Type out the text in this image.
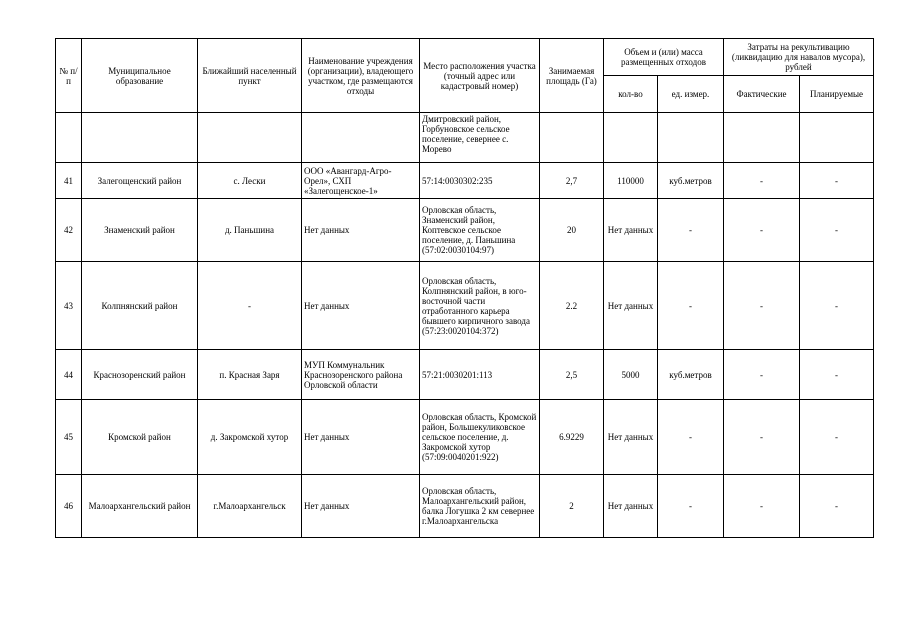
№ п/п	Муниципальное образование	Ближайший населенный пункт	Наименование учреждения (организации), владеющего участком, где размещаются отходы	Место расположения участка (точный адрес или кадастровый номер)	Занимаемая площадь (Га)	Объем и (или) масса размещенных отходов		Затраты на рекультивацию (ликвидацию для навалов мусора), рублей	
						кол-во	ед. измер.	Фактические	Планируемые
				Дмитровский район, Горбуновское сельское поселение, севернее с. Морево					
41	Залегощенский район	с. Лески	ООО «Авангард-Агро-Орел», СХП «Залегощенское-1»	57:14:0030302:235	2,7	110000	куб.метров	-	-
42	Знаменский район	д. Паньшина	Нет данных	Орловская область, Знаменский район, Коптевское сельское поселение, д. Паньшина (57:02:0030104:97)	20	Нет данных	-	-	-
43	Колпнянский район	-	Нет данных	Орловская область, Колпнянский район, в юго-восточной части отработанного карьера бывшего кирпичного завода (57:23:0020104:372)	2.2	Нет данных	-	-	-
44	Краснозоренский район	п. Красная Заря	МУП Коммунальник Краснозоренского района Орловской области	57:21:0030201:113	2,5	5000	куб.метров	-	-
45	Кромской район	д. Закромской хутор	Нет данных	Орловская область, Кромской район, Большекуликовское сельское поселение, д. Закромской хутор (57:09:0040201:922)	6.9229	Нет данных	-	-	-
46	Малоархангельский район	г.Малоархангельск	Нет данных	Орловская область, Малоархангельский район, балка Логушка 2 км севернее г.Малоархангельска	2	Нет данных	-	-	-
